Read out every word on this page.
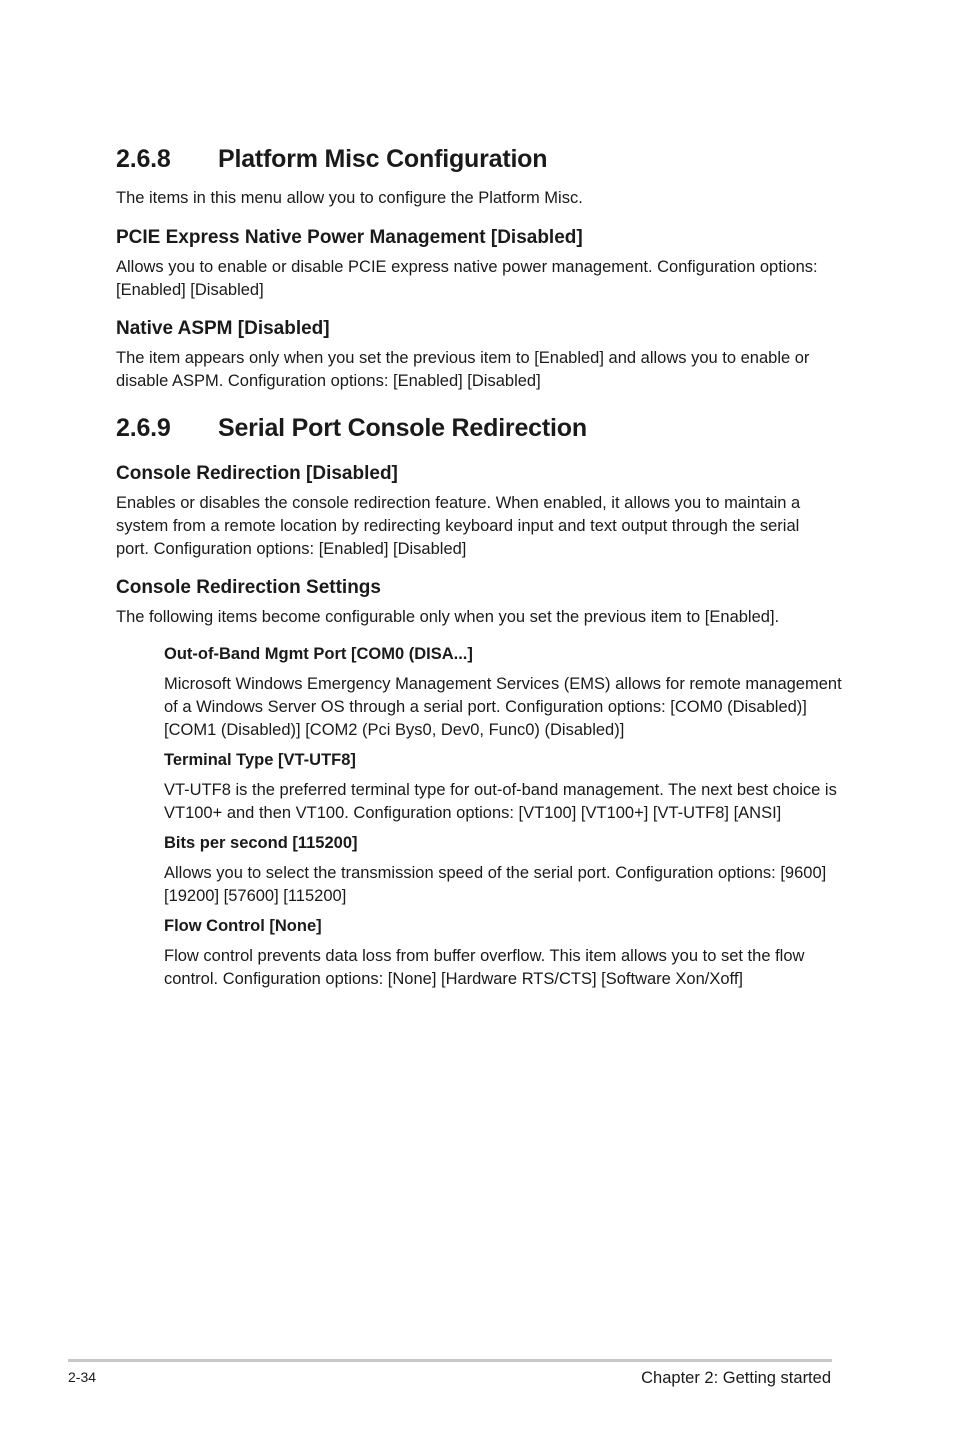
2.6.8	Platform Misc Configuration

The items in this menu allow you to configure the Platform Misc.

PCIE Express Native Power Management [Disabled]

Allows you to enable or disable PCIE express native power management. Configuration options: [Enabled] [Disabled]

Native ASPM [Disabled]

The item appears only when you set the previous item to [Enabled] and allows you to enable or disable ASPM. Configuration options: [Enabled] [Disabled]

2.6.9	Serial Port Console Redirection
Console Redirection [Disabled]

Enables or disables the console redirection feature. When enabled, it allows you to maintain a system from a remote location by redirecting keyboard input and text output through the serial port. Configuration options: [Enabled] [Disabled]

Console Redirection Settings

The following items become configurable only when you set the previous item to [Enabled].

Out-of-Band Mgmt Port [COM0 (DISA...]

Microsoft Windows Emergency Management Services (EMS) allows for remote management of a Windows Server OS through a serial port. Configuration options: [COM0 (Disabled)] [COM1 (Disabled)] [COM2 (Pci Bys0, Dev0, Func0) (Disabled)]

Terminal Type [VT-UTF8]

VT-UTF8 is the preferred terminal type for out-of-band management. The next best choice is VT100+ and then VT100. Configuration options: [VT100] [VT100+] [VT-UTF8] [ANSI]

Bits per second [115200]

Allows you to select the transmission speed of the serial port. Configuration options: [9600] [19200] [57600] [115200]

Flow Control [None]

Flow control prevents data loss from buffer overflow. This item allows you to set the flow control. Configuration options: [None] [Hardware RTS/CTS] [Software Xon/Xoff]

2-34	Chapter 2: Getting started
